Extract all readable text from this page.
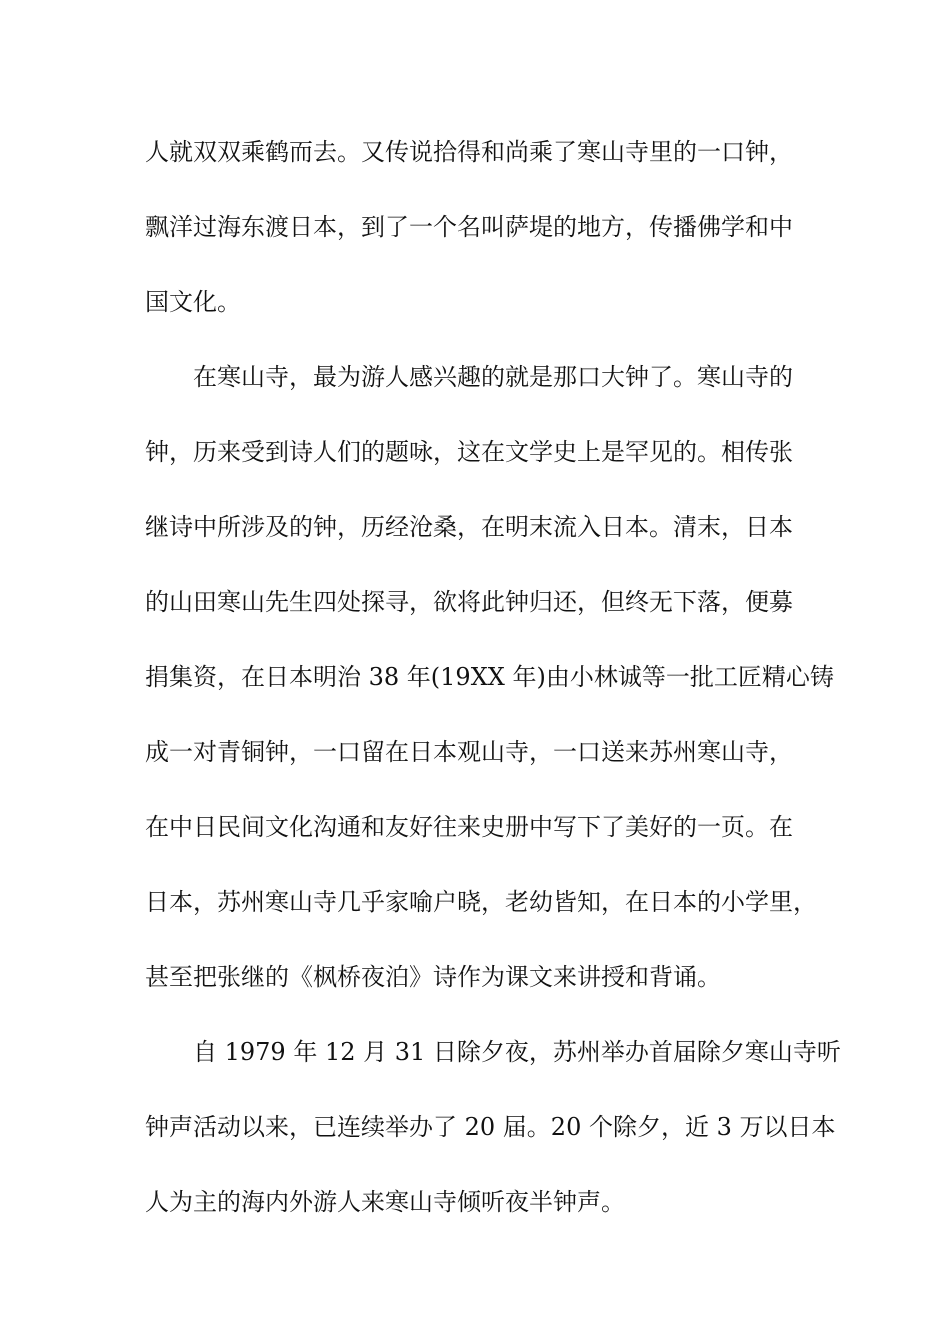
人就双双乘鹤而去。又传说拾得和尚乘了寒山寺里的一口钟，
飘洋过海东渡日本，到了一个名叫萨堤的地方，传播佛学和中
国文化。
在寒山寺，最为游人感兴趣的就是那口大钟了。寒山寺的
钟，历来受到诗人们的题咏，这在文学史上是罕见的。相传张
继诗中所涉及的钟，历经沧桑，在明末流入日本。清末，日本
的山田寒山先生四处探寻，欲将此钟归还，但终无下落，便募
捐集资，在日本明治 38 年(19XX 年)由小林诚等一批工匠精心铸
成一对青铜钟，一口留在日本观山寺，一口送来苏州寒山寺，
在中日民间文化沟通和友好往来史册中写下了美好的一页。在
日本，苏州寒山寺几乎家喻户晓，老幼皆知，在日本的小学里，
甚至把张继的《枫桥夜泊》诗作为课文来讲授和背诵。
自 1979 年 12 月 31 日除夕夜，苏州举办首届除夕寒山寺听
钟声活动以来，已连续举办了 20 届。20 个除夕，近 3 万以日本
人为主的海内外游人来寒山寺倾听夜半钟声。
